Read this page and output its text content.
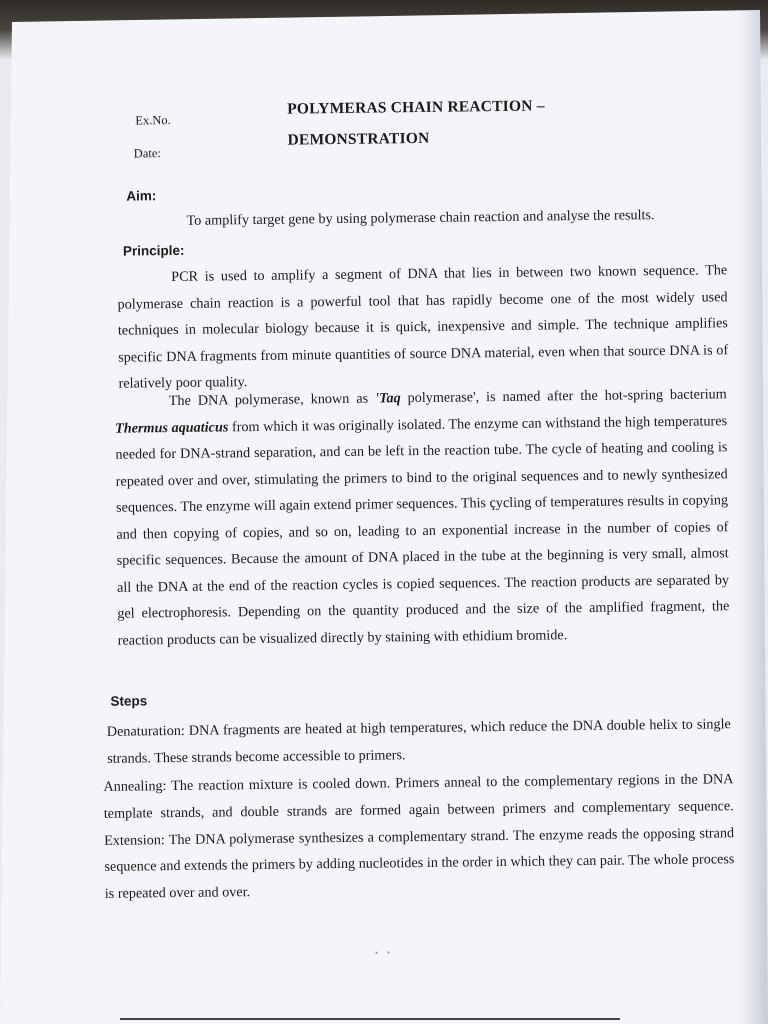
Ex.No.
Date:
POLYMERAS CHAIN REACTION –
DEMONSTRATION
Aim:
To amplify target gene by using polymerase chain reaction and analyse the results.
Principle:
PCR is used to amplify a segment of DNA that lies in between two known sequence. The polymerase chain reaction is a powerful tool that has rapidly become one of the most widely used techniques in molecular biology because it is quick, inexpensive and simple. The technique amplifies specific DNA fragments from minute quantities of source DNA material, even when that source DNA is of relatively poor quality.
The DNA polymerase, known as 'Taq polymerase', is named after the hot-spring bacterium Thermus aquaticus from which it was originally isolated. The enzyme can withstand the high temperatures needed for DNA-strand separation, and can be left in the reaction tube. The cycle of heating and cooling is repeated over and over, stimulating the primers to bind to the original sequences and to newly synthesized sequences. The enzyme will again extend primer sequences. This çycling of temperatures results in copying and then copying of copies, and so on, leading to an exponential increase in the number of copies of specific sequences. Because the amount of DNA placed in the tube at the beginning is very small, almost all the DNA at the end of the reaction cycles is copied sequences. The reaction products are separated by gel electrophoresis. Depending on the quantity produced and the size of the amplified fragment, the reaction products can be visualized directly by staining with ethidium bromide.
Steps
Denaturation: DNA fragments are heated at high temperatures, which reduce the DNA double helix to single strands. These strands become accessible to primers.
Annealing: The reaction mixture is cooled down. Primers anneal to the complementary regions in the DNA template strands, and double strands are formed again between primers and complementary sequence. Extension: The DNA polymerase synthesizes a complementary strand. The enzyme reads the opposing strand sequence and extends the primers by adding nucleotides in the order in which they can pair. The whole process is repeated over and over.
